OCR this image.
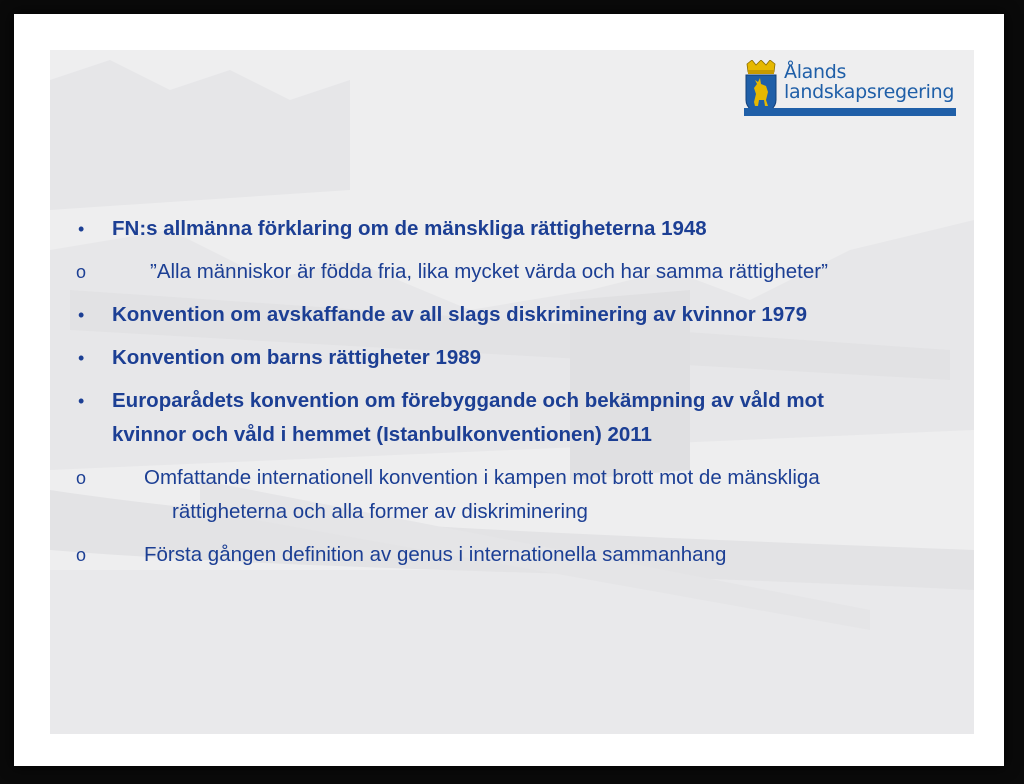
Ålands
landskapsregering
•	FN:s allmänna förklaring om de mänskliga rättigheterna 1948
o	”Alla människor är födda fria, lika mycket värda och har samma rättigheter”
•	Konvention om avskaffande av all slags diskriminering av kvinnor 1979
•	Konvention om barns rättigheter 1989
•	Europarådets konvention om förebyggande och bekämpning av våld mot
kvinnor och våld i hemmet (Istanbulkonventionen) 2011
o	Omfattande internationell konvention i kampen mot brott mot de mänskliga
rättigheterna och alla former av diskriminering
o	Första gången definition av genus i internationella sammanhang
